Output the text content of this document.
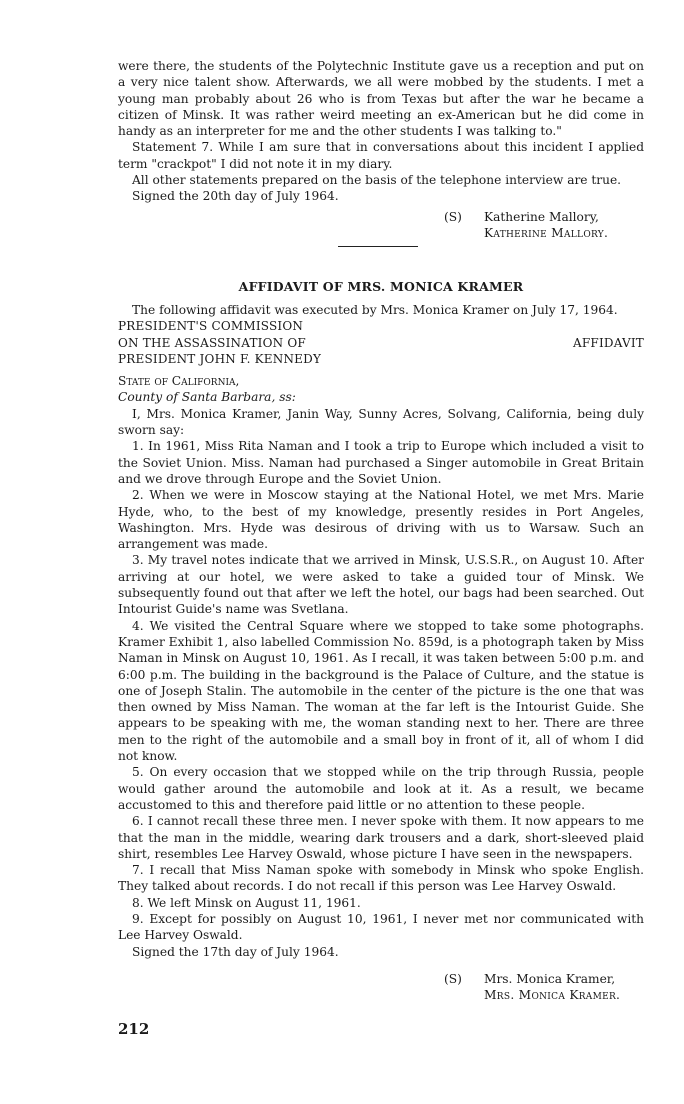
were there, the students of the Polytechnic Institute gave us a reception and put on a very nice talent show. Afterwards, we all were mobbed by the students. I met a young man probably about 26 who is from Texas but after the war he became a citizen of Minsk. It was rather weird meeting an ex-American but he did come in handy as an interpreter for me and the other students I was talking to."

Statement 7. While I am sure that in conversations about this incident I applied term "crackpot" I did not note it in my diary.

All other statements prepared on the basis of the telephone interview are true.

Signed the 20th day of July 1964.

(S) Katherine Mallory,
Katherine Mallory.
AFFIDAVIT OF MRS. MONICA KRAMER

The following affidavit was executed by Mrs. Monica Kramer on July 17, 1964.

PRESIDENT'S COMMISSION
ON THE ASSASSINATION OF	AFFIDAVIT
PRESIDENT JOHN F. KENNEDY
State of California,
County of Santa Barbara, ss:

I, Mrs. Monica Kramer, Janin Way, Sunny Acres, Solvang, California, being duly sworn say:

1. In 1961, Miss Rita Naman and I took a trip to Europe which included a visit to the Soviet Union. Miss. Naman had purchased a Singer automobile in Great Britain and we drove through Europe and the Soviet Union.

2. When we were in Moscow staying at the National Hotel, we met Mrs. Marie Hyde, who, to the best of my knowledge, presently resides in Port Angeles, Washington. Mrs. Hyde was desirous of driving with us to Warsaw. Such an arrangement was made.

3. My travel notes indicate that we arrived in Minsk, U.S.S.R., on August 10. After arriving at our hotel, we were asked to take a guided tour of Minsk. We subsequently found out that after we left the hotel, our bags had been searched. Out Intourist Guide's name was Svetlana.

4. We visited the Central Square where we stopped to take some photographs. Kramer Exhibit 1, also labelled Commission No. 859d, is a photograph taken by Miss Naman in Minsk on August 10, 1961. As I recall, it was taken between 5:00 p.m. and 6:00 p.m. The building in the background is the Palace of Culture, and the statue is one of Joseph Stalin. The automobile in the center of the picture is the one that was then owned by Miss Naman. The woman at the far left is the Intourist Guide. She appears to be speaking with me, the woman standing next to her. There are three men to the right of the automobile and a small boy in front of it, all of whom I did not know.

5. On every occasion that we stopped while on the trip through Russia, people would gather around the automobile and look at it. As a result, we became accustomed to this and therefore paid little or no attention to these people.

6. I cannot recall these three men. I never spoke with them. It now appears to me that the man in the middle, wearing dark trousers and a dark, short-sleeved plaid shirt, resembles Lee Harvey Oswald, whose picture I have seen in the newspapers.

7. I recall that Miss Naman spoke with somebody in Minsk who spoke English. They talked about records. I do not recall if this person was Lee Harvey Oswald.

8. We left Minsk on August 11, 1961.

9. Except for possibly on August 10, 1961, I never met nor communicated with Lee Harvey Oswald.

Signed the 17th day of July 1964.

(S) Mrs. Monica Kramer,
Mrs. Monica Kramer.
212
